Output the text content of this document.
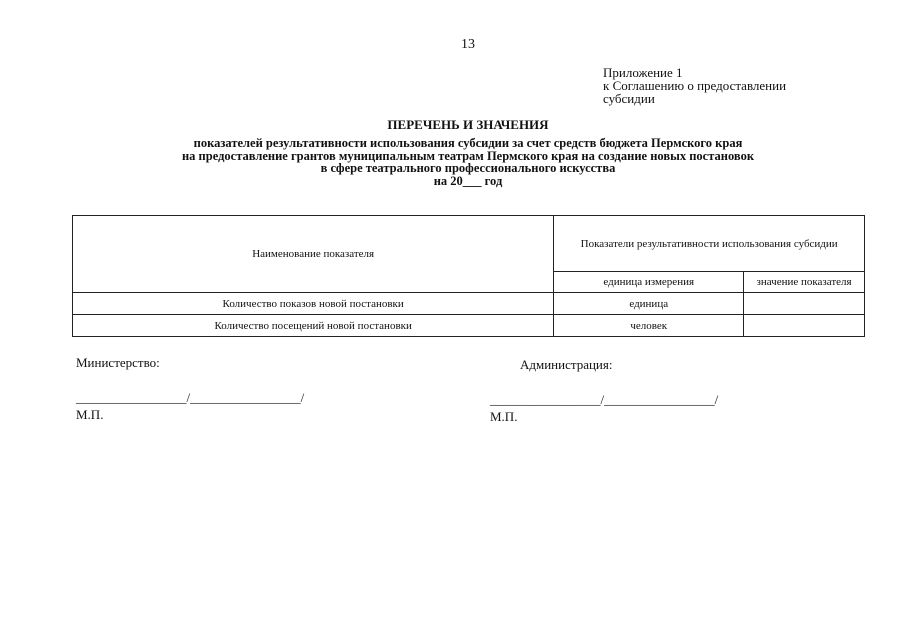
13
Приложение 1
к Соглашению о предоставлении
субсидии
ПЕРЕЧЕНЬ И ЗНАЧЕНИЯ
показателей результативности использования субсидии за счет средств бюджета Пермского края
на предоставление грантов муниципальным театрам Пермского края на создание новых постановок
в сфере театрального профессионального искусства
на 20___ год
Наименование показателя	Показатели результативности использования субсидии	
	единица измерения	значение показателя
Количество показов новой постановки	единица	
Количество посещений новой постановки	человек	
Министерство:	Администрация:
_________________/_________________/	_________________/_________________/
М.П.	М.П.
